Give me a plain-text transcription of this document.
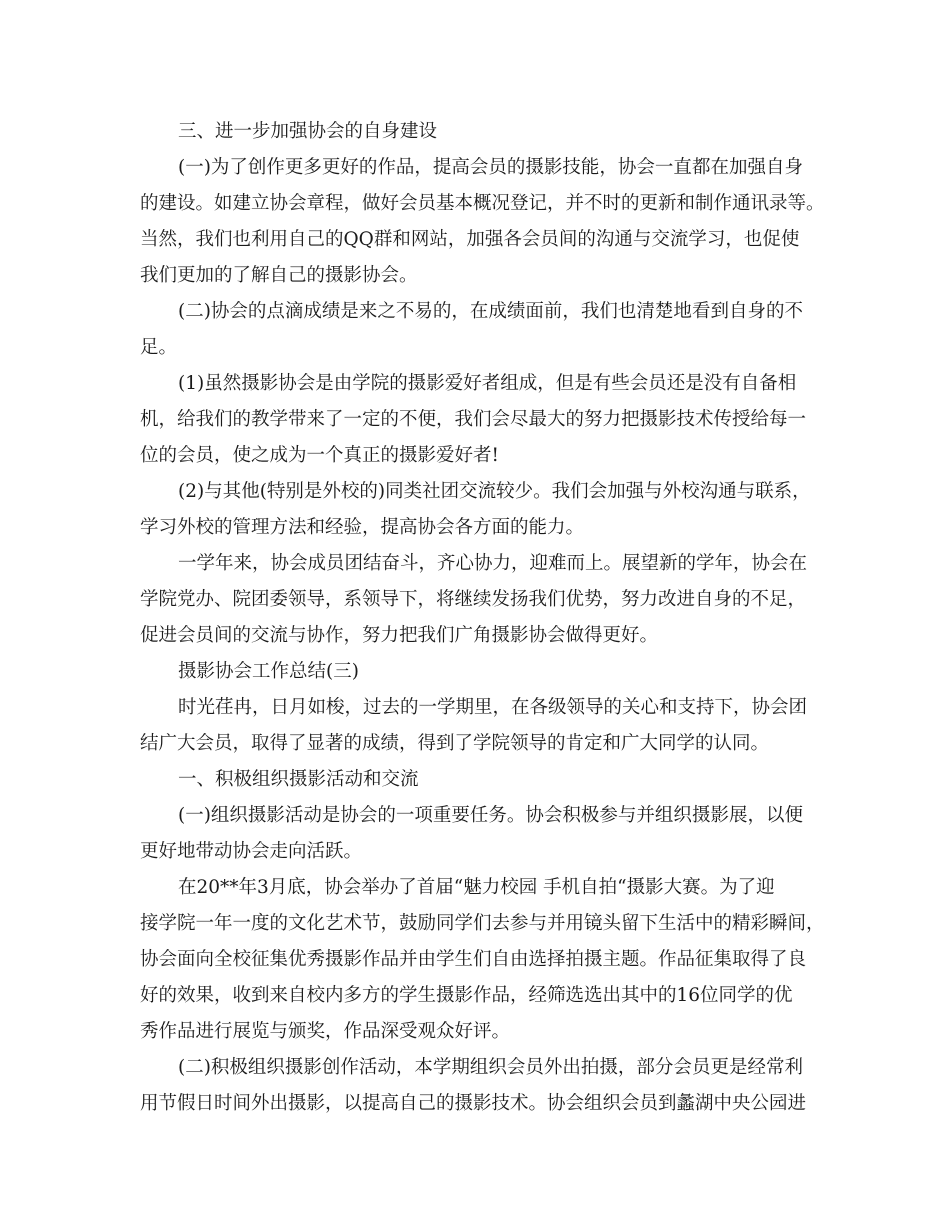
三、进一步加强协会的自身建设
(一)为了创作更多更好的作品，提高会员的摄影技能，协会一直都在加强自身
的建设。如建立协会章程，做好会员基本概况登记，并不时的更新和制作通讯录等。
当然，我们也利用自己的QQ群和网站，加强各会员间的沟通与交流学习，也促使
我们更加的了解自己的摄影协会。
(二)协会的点滴成绩是来之不易的，在成绩面前，我们也清楚地看到自身的不
足。
(1)虽然摄影协会是由学院的摄影爱好者组成，但是有些会员还是没有自备相
机，给我们的教学带来了一定的不便，我们会尽最大的努力把摄影技术传授给每一
位的会员，使之成为一个真正的摄影爱好者!
(2)与其他(特别是外校的)同类社团交流较少。我们会加强与外校沟通与联系，
学习外校的管理方法和经验，提高协会各方面的能力。
一学年来，协会成员团结奋斗，齐心协力，迎难而上。展望新的学年，协会在
学院党办、院团委领导，系领导下，将继续发扬我们优势，努力改进自身的不足，
促进会员间的交流与协作，努力把我们广角摄影协会做得更好。
摄影协会工作总结(三)
时光荏冉，日月如梭，过去的一学期里，在各级领导的关心和支持下，协会团
结广大会员，取得了显著的成绩，得到了学院领导的肯定和广大同学的认同。
一、积极组织摄影活动和交流
(一)组织摄影活动是协会的一项重要任务。协会积极参与并组织摄影展，以便
更好地带动协会走向活跃。
在20**年3月底，协会举办了首届“魅力校园 手机自拍“摄影大赛。为了迎
接学院一年一度的文化艺术节，鼓励同学们去参与并用镜头留下生活中的精彩瞬间，
协会面向全校征集优秀摄影作品并由学生们自由选择拍摄主题。作品征集取得了良
好的效果，收到来自校内多方的学生摄影作品，经筛选选出其中的16位同学的优
秀作品进行展览与颁奖，作品深受观众好评。
(二)积极组织摄影创作活动，本学期组织会员外出拍摄，部分会员更是经常利
用节假日时间外出摄影，以提高自己的摄影技术。协会组织会员到蠡湖中央公园进
